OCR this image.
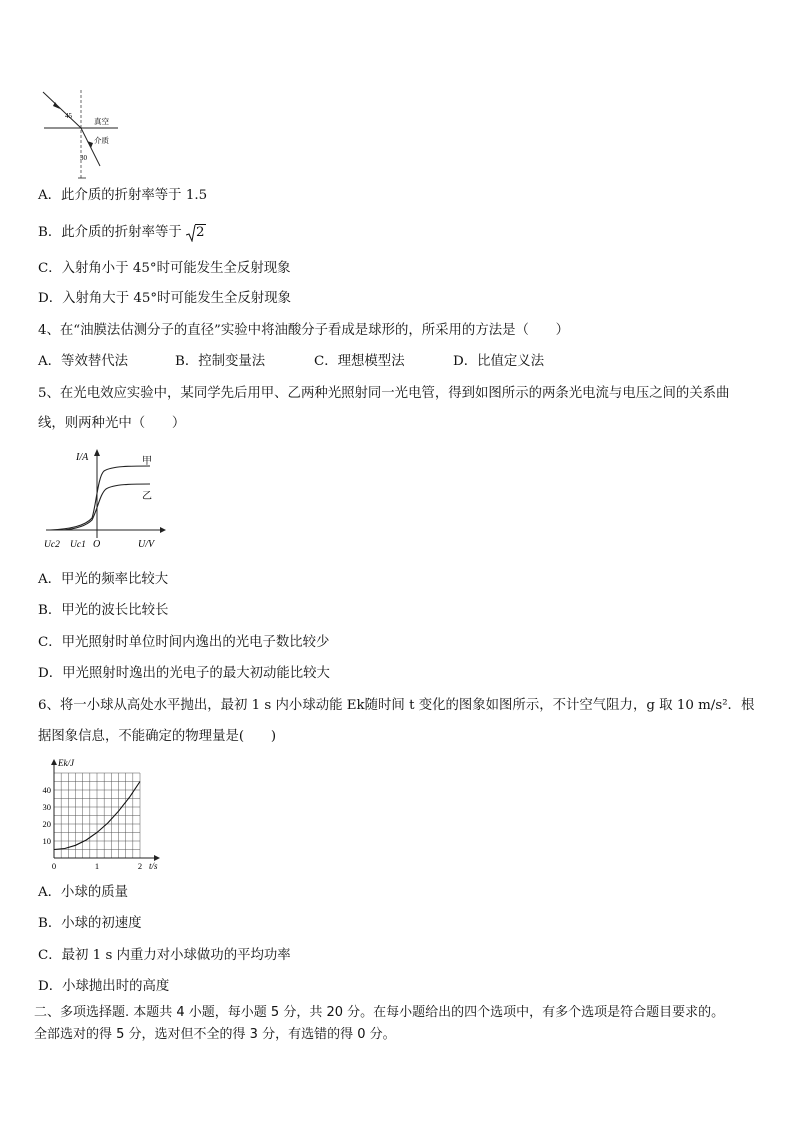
45
30
真空
介质
A．此介质的折射率等于 1.5
B．此介质的折射率等于 2
C．入射角小于 45°时可能发生全反射现象
D．入射角大于 45°时可能发生全反射现象
4、在“油膜法估测分子的直径”实验中将油酸分子看成是球形的，所采用的方法是（　　）
A．等效替代法	B．控制变量法	C．理想模型法	D．比值定义法
5、在光电效应实验中，某同学先后用甲、乙两种光照射同一光电管，得到如图所示的两条光电流与电压之间的关系曲
线，则两种光中（　　）
I/A
U/V
甲
乙
Uc2 Uc1 O
A．甲光的频率比较大
B．甲光的波长比较长
C．甲光照射时单位时间内逸出的光电子数比较少
D．甲光照射时逸出的光电子的最大初动能比较大
6、将一小球从高处水平抛出，最初 1 s 内小球动能 Ek随时间 t 变化的图象如图所示，不计空气阻力，g 取 10 m/s²．根
据图象信息，不能确定的物理量是(　　)
10
20
30
40
0	1	2
Ek/J
t/s
A．小球的质量
B．小球的初速度
C．最初 1 s 内重力对小球做功的平均功率
D．小球抛出时的高度
二、多项选择题. 本题共 4 小题，每小题 5 分，共 20 分。在每小题给出的四个选项中，有多个选项是符合题目要求的。
全部选对的得 5 分，选对但不全的得 3 分，有选错的得 0 分。
